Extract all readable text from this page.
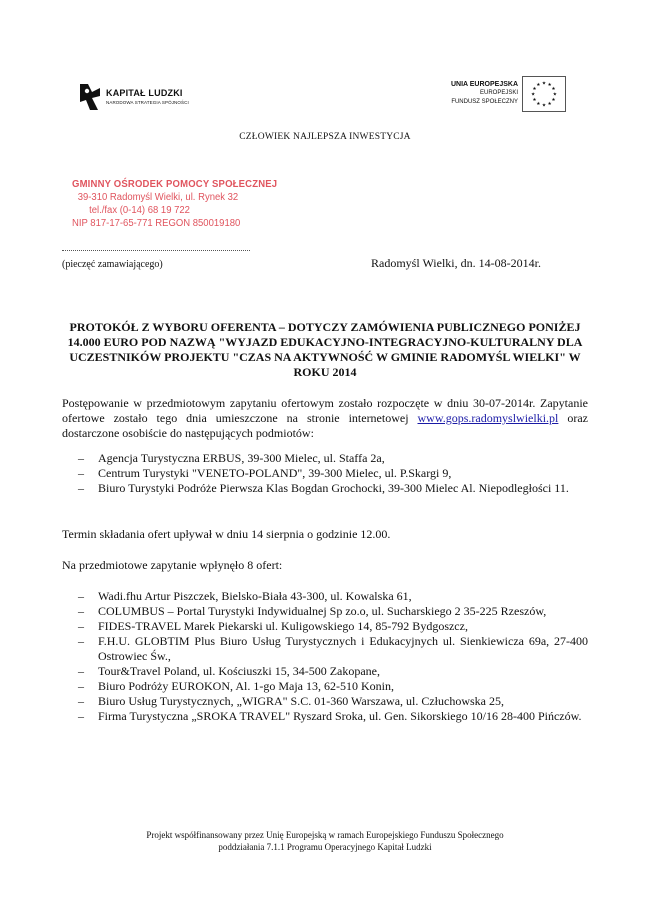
KAPITAŁ LUDZKI
NARODOWA STRATEGIA SPÓJNOŚCI
UNIA EUROPEJSKA
EUROPEJSKI
FUNDUSZ SPOŁECZNY
★ ★
★
★
★
★
★
★
★
★
★
★
CZŁOWIEK NAJLEPSZA INWESTYCJA
GMINNY OŚRODEK POMOCY SPOŁECZNEJ
39-310 Radomyśl Wielki, ul. Rynek 32
tel./fax (0-14) 68 19 722
NIP 817-17-65-771 REGON 850019180
(pieczęć zamawiającego)	Radomyśl Wielki, dn. 14-08-2014r.
PROTOKÓŁ Z WYBORU OFERENTA – DOTYCZY ZAMÓWIENIA PUBLICZNEGO PONIŻEJ 14.000 EURO POD NAZWĄ "WYJAZD EDUKACYJNO-INTEGRACYJNO-KULTURALNY DLA UCZESTNIKÓW PROJEKTU "CZAS NA AKTYWNOŚĆ W GMINIE RADOMYŚL WIELKI" W ROKU 2014
Postępowanie w przedmiotowym zapytaniu ofertowym zostało rozpoczęte w dniu 30-07-2014r. Zapytanie ofertowe zostało tego dnia umieszczone na stronie internetowej www.gops.radomyslwielki.pl oraz dostarczone osobiście do następujących podmiotów:
– Agencja Turystyczna ERBUS, 39-300 Mielec, ul. Staffa 2a,
– Centrum Turystyki "VENETO-POLAND", 39-300 Mielec, ul. P.Skargi 9,
– Biuro Turystyki Podróże Pierwsza Klas Bogdan Grochocki, 39-300 Mielec Al. Niepodległości 11.
Termin składania ofert upływał w dniu 14 sierpnia o godzinie 12.00.
Na przedmiotowe zapytanie wpłynęło 8 ofert:
– Wadi.fhu Artur Piszczek, Bielsko-Biała 43-300, ul. Kowalska 61,
– COLUMBUS – Portal Turystyki Indywidualnej Sp zo.o, ul. Sucharskiego 2 35-225 Rzeszów,
– FIDES-TRAVEL Marek Piekarski ul. Kuligowskiego 14, 85-792 Bydgoszcz,
– F.H.U. GLOBTIM Plus Biuro Usług Turystycznych i Edukacyjnych ul. Sienkiewicza 69a, 27-400 Ostrowiec Św.,
– Tour&Travel Poland, ul. Kościuszki 15, 34-500 Zakopane,
– Biuro Podróży EUROKON, Al. 1-go Maja 13, 62-510 Konin,
– Biuro Usług Turystycznych, „WIGRA" S.C. 01-360 Warszawa, ul. Człuchowska 25,
– Firma Turystyczna „SROKA TRAVEL" Ryszard Sroka, ul. Gen. Sikorskiego 10/16 28-400 Pińczów.
Projekt współfinansowany przez Unię Europejską w ramach Europejskiego Funduszu Społecznego
poddziałania 7.1.1 Programu Operacyjnego Kapitał Ludzki
